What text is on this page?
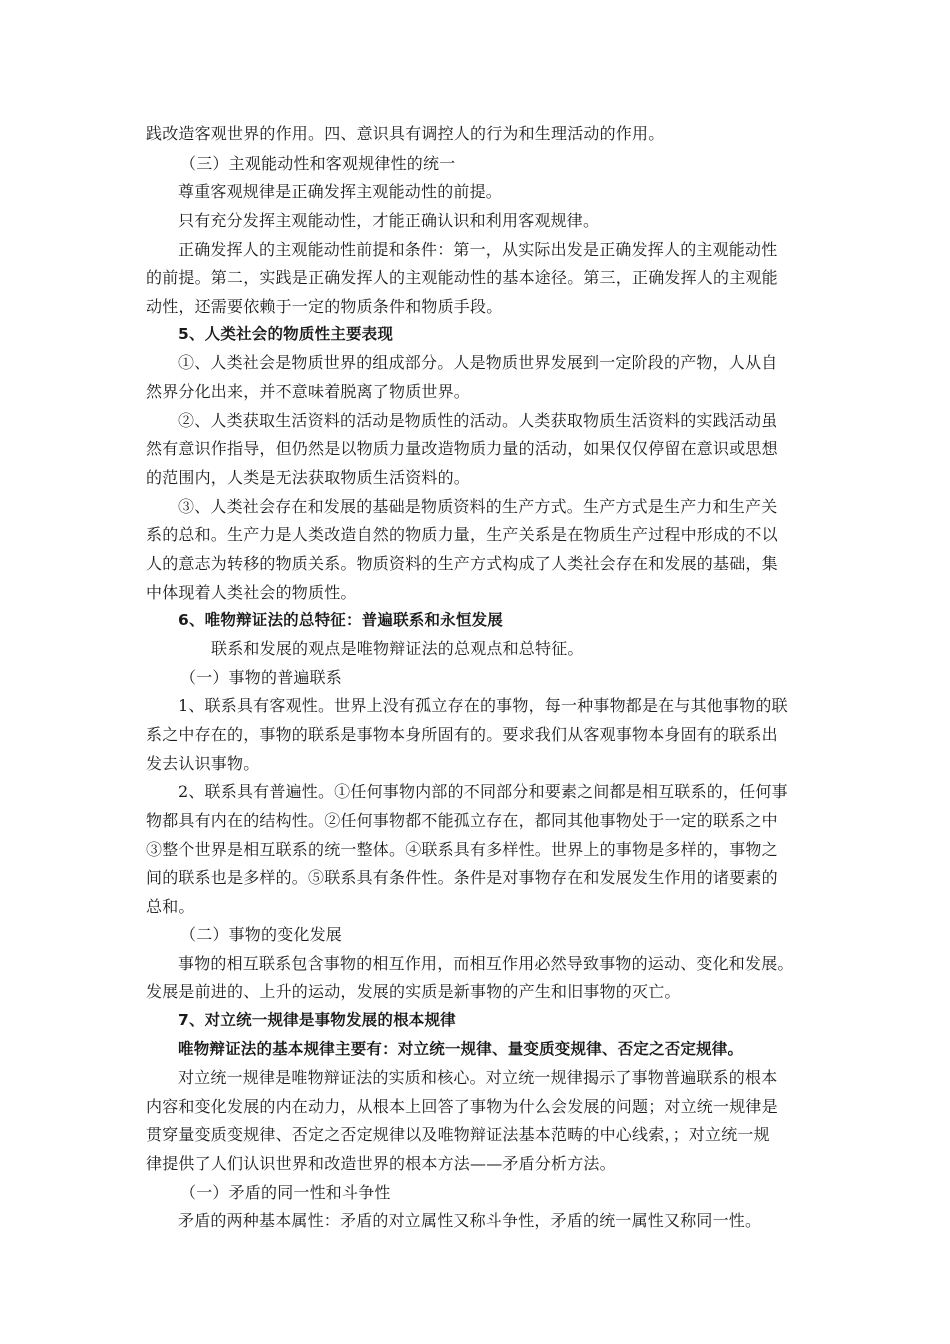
践改造客观世界的作用。四、意识具有调控人的行为和生理活动的作用。
（三）主观能动性和客观规律性的统一
尊重客观规律是正确发挥主观能动性的前提。
只有充分发挥主观能动性，才能正确认识和利用客观规律。
正确发挥人的主观能动性前提和条件：第一，从实际出发是正确发挥人的主观能动性
的前提。第二，实践是正确发挥人的主观能动性的基本途径。第三，正确发挥人的主观能
动性，还需要依赖于一定的物质条件和物质手段。
5、人类社会的物质性主要表现
①、人类社会是物质世界的组成部分。人是物质世界发展到一定阶段的产物，人从自
然界分化出来，并不意味着脱离了物质世界。
②、人类获取生活资料的活动是物质性的活动。人类获取物质生活资料的实践活动虽
然有意识作指导，但仍然是以物质力量改造物质力量的活动，如果仅仅停留在意识或思想
的范围内，人类是无法获取物质生活资料的。
③、人类社会存在和发展的基础是物质资料的生产方式。生产方式是生产力和生产关
系的总和。生产力是人类改造自然的物质力量，生产关系是在物质生产过程中形成的不以
人的意志为转移的物质关系。物质资料的生产方式构成了人类社会存在和发展的基础，集
中体现着人类社会的物质性。
6、唯物辩证法的总特征：普遍联系和永恒发展
联系和发展的观点是唯物辩证法的总观点和总特征。
（一）事物的普遍联系
1、联系具有客观性。世界上没有孤立存在的事物，每一种事物都是在与其他事物的联
系之中存在的，事物的联系是事物本身所固有的。要求我们从客观事物本身固有的联系出
发去认识事物。
2、联系具有普遍性。①任何事物内部的不同部分和要素之间都是相互联系的，任何事
物都具有内在的结构性。②任何事物都不能孤立存在，都同其他事物处于一定的联系之中
③整个世界是相互联系的统一整体。④联系具有多样性。世界上的事物是多样的，事物之
间的联系也是多样的。⑤联系具有条件性。条件是对事物存在和发展发生作用的诸要素的
总和。
（二）事物的变化发展
事物的相互联系包含事物的相互作用，而相互作用必然导致事物的运动、变化和发展。
发展是前进的、上升的运动，发展的实质是新事物的产生和旧事物的灭亡。
7、对立统一规律是事物发展的根本规律
唯物辩证法的基本规律主要有：对立统一规律、量变质变规律、否定之否定规律。
对立统一规律是唯物辩证法的实质和核心。对立统一规律揭示了事物普遍联系的根本
内容和变化发展的内在动力，从根本上回答了事物为什么会发展的问题；对立统一规律是
贯穿量变质变规律、否定之否定规律以及唯物辩证法基本范畴的中心线索，；对立统一规
律提供了人们认识世界和改造世界的根本方法——矛盾分析方法。
（一）矛盾的同一性和斗争性
矛盾的两种基本属性：矛盾的对立属性又称斗争性，矛盾的统一属性又称同一性。
